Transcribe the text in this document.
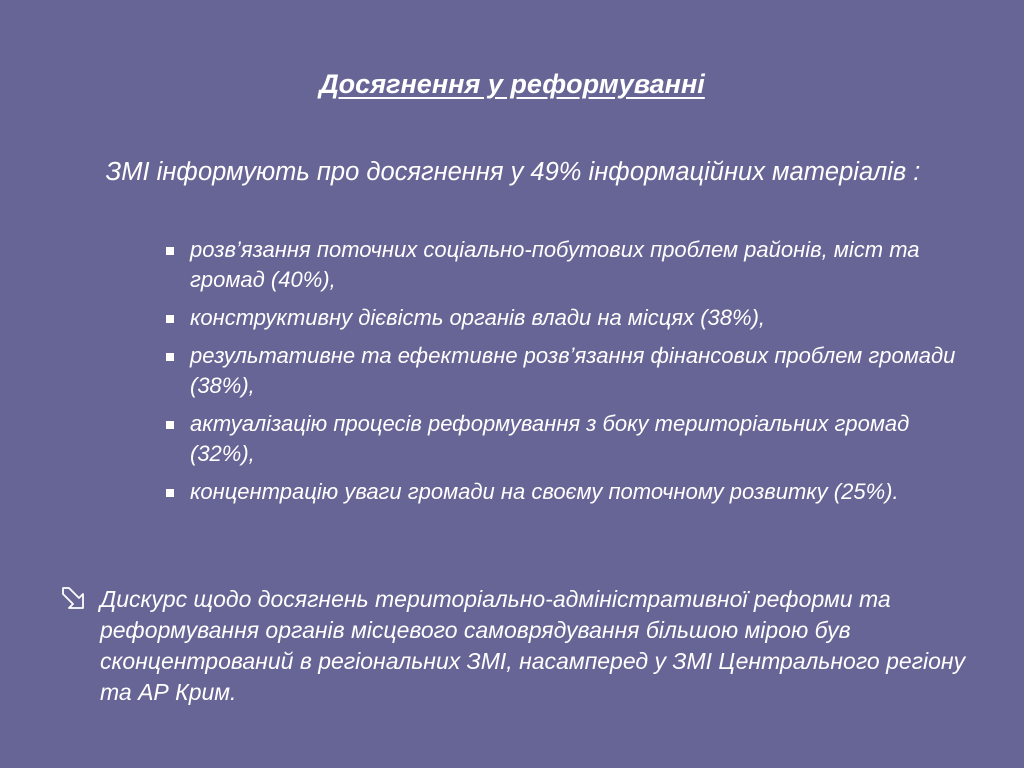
Досягнення у реформуванні

ЗМІ інформують про досягнення у 49% інформаційних матеріалів :

розв’язання поточних соціально-побутових проблем районів, міст та громад (40%),
конструктивну дієвість органів влади на місцях (38%),
результативне та ефективне розв’язання фінансових проблем громади (38%),
актуалізацію процесів реформування з боку територіальних громад (32%),
концентрацію уваги громади на своєму поточному розвитку (25%).
Дискурс щодо досягнень територіально-адміністративної реформи та реформування органів місцевого самоврядування більшою мірою був сконцентрований в регіональних ЗМІ, насамперед у ЗМІ Центрального регіону та АР Крим.
